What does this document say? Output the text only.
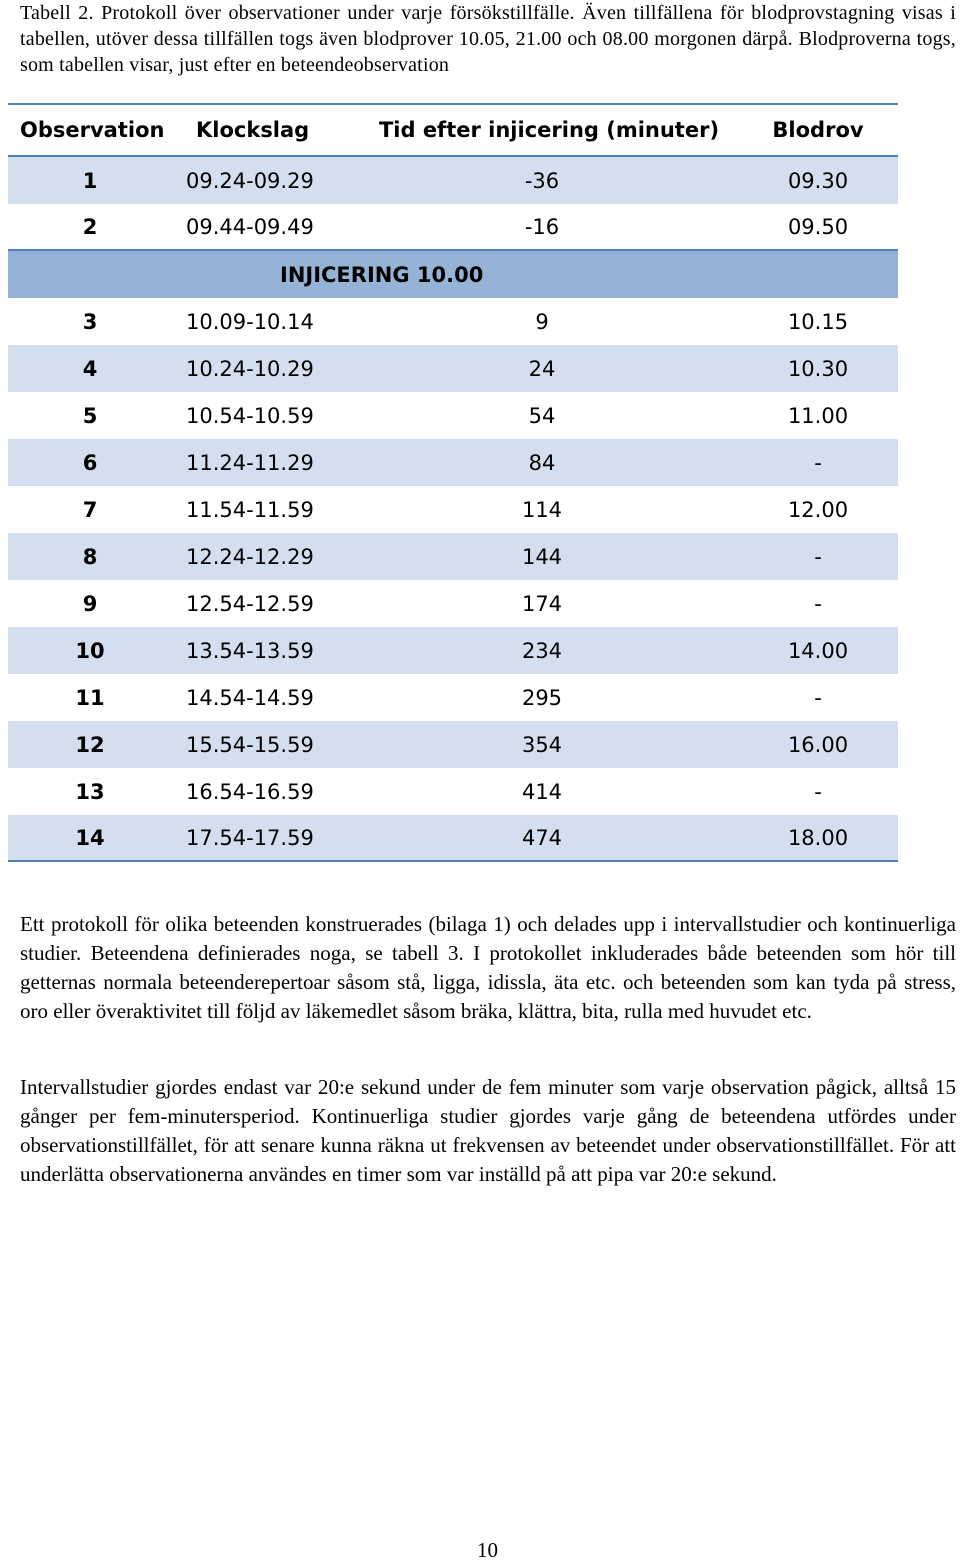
Tabell 2. Protokoll över observationer under varje försökstillfälle. Även tillfällena för blodprovstagning visas i tabellen, utöver dessa tillfällen togs även blodprover 10.05, 21.00 och 08.00 morgonen därpå. Blodproverna togs, som tabellen visar, just efter en beteendeobservation

Observation	Klockslag	Tid efter injicering (minuter)	Blodrov
1	09.24-09.29	-36	09.30
2	09.44-09.49	-16	09.50
INJICERING 10.00
3	10.09-10.14	9	10.15
4	10.24-10.29	24	10.30
5	10.54-10.59	54	11.00
6	11.24-11.29	84	-
7	11.54-11.59	114	12.00
8	12.24-12.29	144	-
9	12.54-12.59	174	-
10	13.54-13.59	234	14.00
11	14.54-14.59	295	-
12	15.54-15.59	354	16.00
13	16.54-16.59	414	-
14	17.54-17.59	474	18.00

Ett protokoll för olika beteenden konstruerades (bilaga 1) och delades upp i intervallstudier och kontinuerliga studier. Beteendena definierades noga, se tabell 3. I protokollet inkluderades både beteenden som hör till getternas normala beteenderepertoar såsom stå, ligga, idissla, äta etc. och beteenden som kan tyda på stress, oro eller överaktivitet till följd av läkemedlet såsom bräka, klättra, bita, rulla med huvudet etc.

Intervallstudier gjordes endast var 20:e sekund under de fem minuter som varje observation pågick, alltså 15 gånger per fem-minutersperiod. Kontinuerliga studier gjordes varje gång de beteendena utfördes under observationstillfället, för att senare kunna räkna ut frekvensen av beteendet under observationstillfället. För att underlätta observationerna användes en timer som var inställd på att pipa var 20:e sekund.

10
